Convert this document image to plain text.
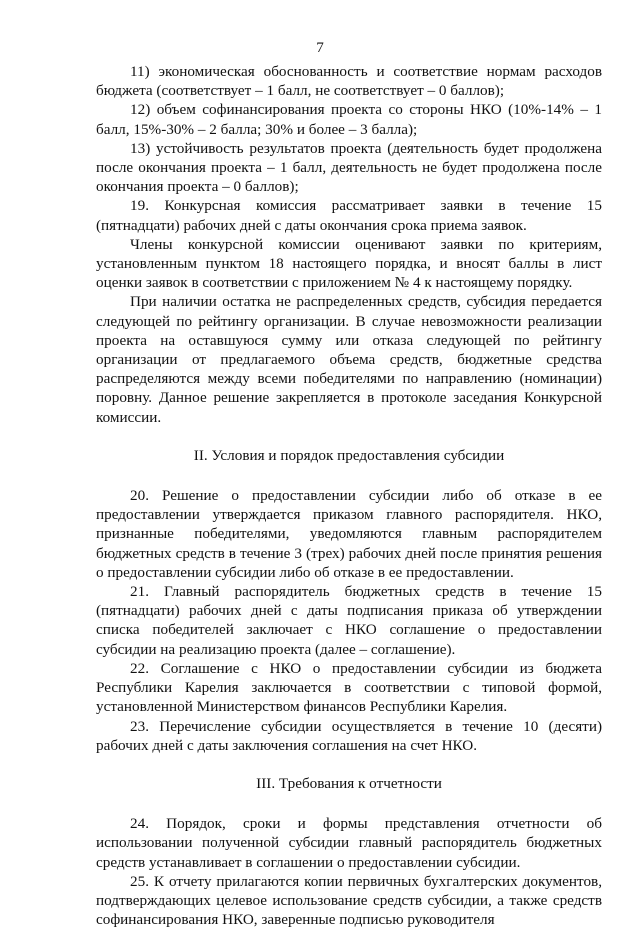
7

11) экономическая обоснованность и соответствие нормам расходов бюджета (соответствует – 1 балл, не соответствует – 0 баллов);

12) объем софинансирования проекта со стороны НКО (10%-14% – 1 балл, 15%-30% – 2 балла; 30% и более – 3 балла);

13) устойчивость результатов проекта (деятельность будет продолжена после окончания проекта – 1 балл, деятельность не будет продолжена после окончания проекта – 0 баллов);

19. Конкурсная комиссия рассматривает заявки в течение 15 (пятнадцати) рабочих дней с даты окончания срока приема заявок.

Члены конкурсной комиссии оценивают заявки по критериям, установленным пунктом 18 настоящего порядка, и вносят баллы в лист оценки заявок в соответствии с приложением № 4 к настоящему порядку.

При наличии остатка не распределенных средств, субсидия передается следующей по рейтингу организации. В случае невозможности реализации проекта на оставшуюся сумму или отказа следующей по рейтингу организации от предлагаемого объема средств, бюджетные средства распределяются между всеми победителями по направлению (номинации) поровну. Данное решение закрепляется в протоколе заседания Конкурсной комиссии.

II. Условия и порядок предоставления субсидии

20. Решение о предоставлении субсидии либо об отказе в ее предоставлении утверждается приказом главного распорядителя. НКО, признанные победителями, уведомляются главным распорядителем бюджетных средств в течение 3 (трех) рабочих дней после принятия решения о предоставлении субсидии либо об отказе в ее предоставлении.

21. Главный распорядитель бюджетных средств в течение 15 (пятнадцати) рабочих дней с даты подписания приказа об утверждении списка победителей заключает с НКО соглашение о предоставлении субсидии на реализацию проекта (далее – соглашение).

22. Соглашение с НКО о предоставлении субсидии из бюджета Республики Карелия заключается в соответствии с типовой формой, установленной Министерством финансов Республики Карелия.

23. Перечисление субсидии осуществляется в течение 10 (десяти) рабочих дней с даты заключения соглашения на счет НКО.

III. Требования к отчетности

24. Порядок, сроки и формы представления отчетности об использовании полученной субсидии главный распорядитель бюджетных средств устанавливает в соглашении о предоставлении субсидии.

25. К отчету прилагаются копии первичных бухгалтерских документов, подтверждающих целевое использование средств субсидии, а также средств софинансирования НКО, заверенные подписью руководителя
